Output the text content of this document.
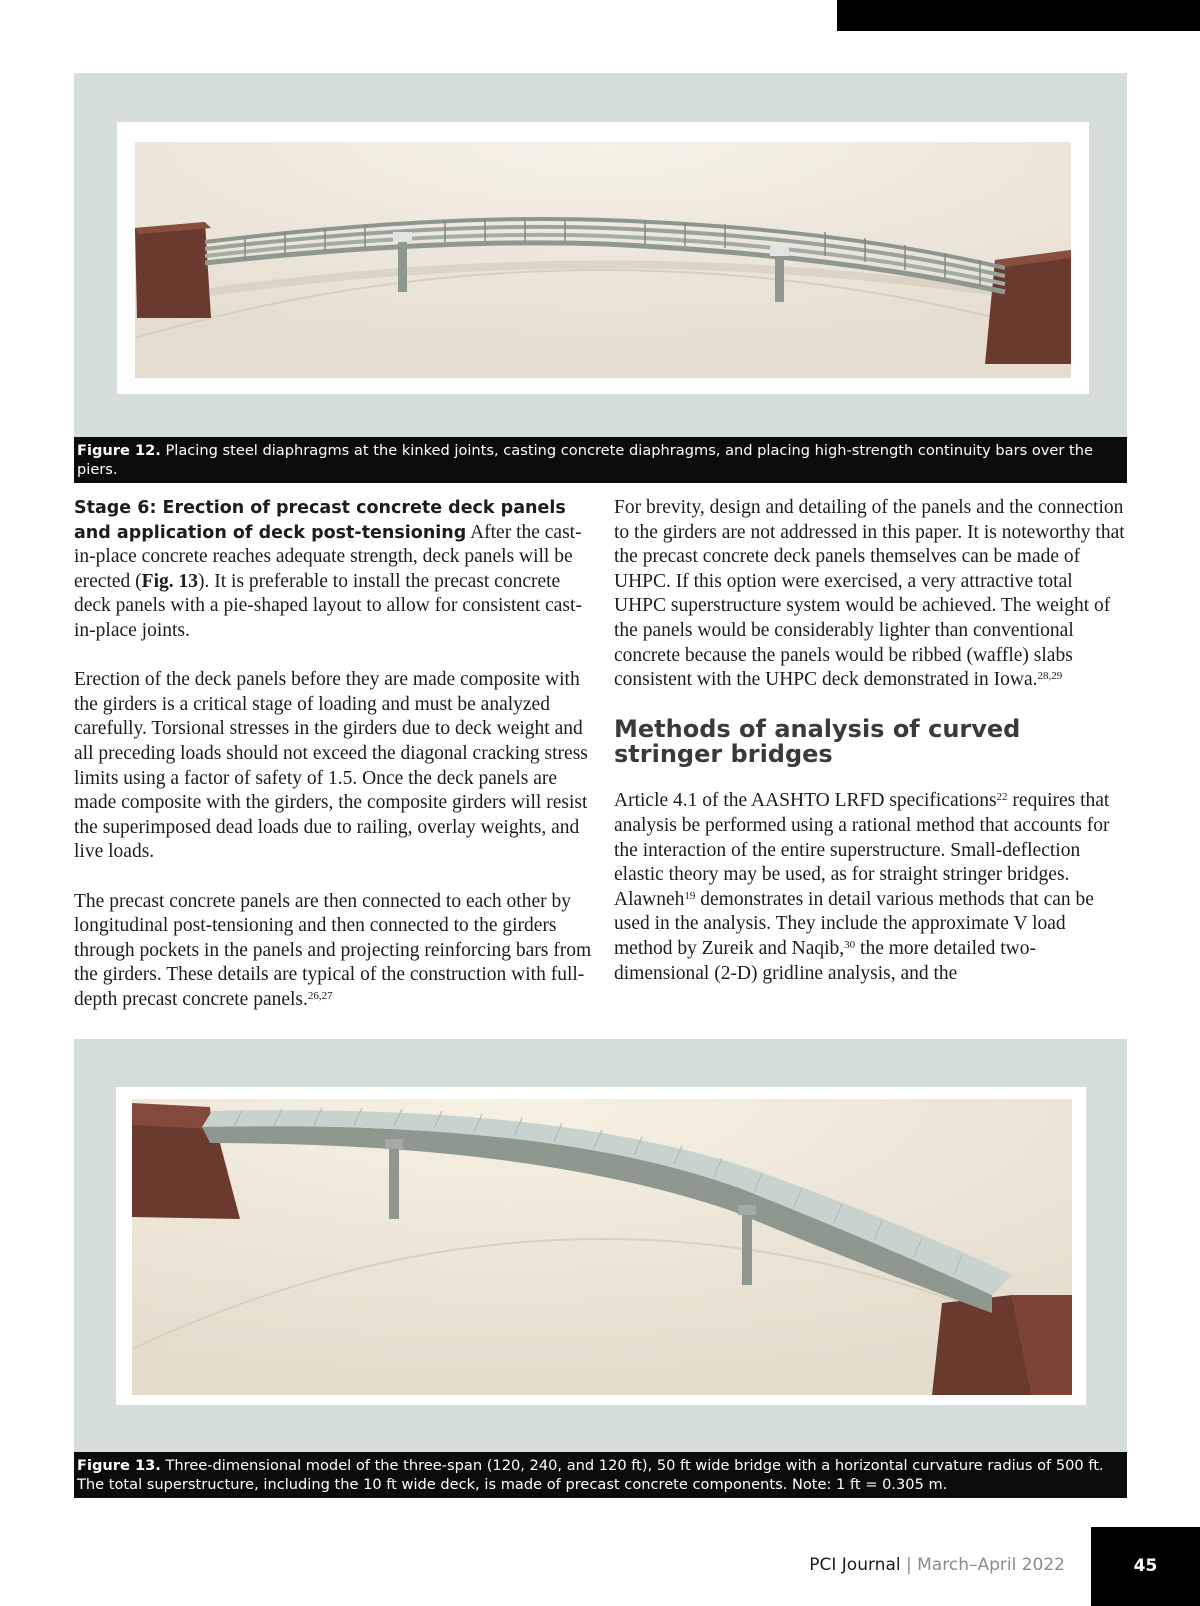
Figure 12. Placing steel diaphragms at the kinked joints, casting concrete diaphragms, and placing high-strength continuity bars over the piers.

Stage 6: Erection of precast concrete deck panels and application of deck post-tensioning After the cast-in-place concrete reaches adequate strength, deck panels will be erected (Fig. 13). It is preferable to install the precast concrete deck panels with a pie-shaped layout to allow for consistent cast-in-place joints.

Erection of the deck panels before they are made composite with the girders is a critical stage of loading and must be analyzed carefully. Torsional stresses in the girders due to deck weight and all preceding loads should not exceed the diagonal cracking stress limits using a factor of safety of 1.5. Once the deck panels are made composite with the girders, the composite girders will resist the superimposed dead loads due to railing, overlay weights, and live loads.

The precast concrete panels are then connected to each other by longitudinal post-tensioning and then connected to the girders through pockets in the panels and projecting reinforcing bars from the girders. These details are typical of the construction with full-depth precast concrete panels.$^{26,27}$

For brevity, design and detailing of the panels and the connection to the girders are not addressed in this paper. It is noteworthy that the precast concrete deck panels themselves can be made of UHPC. If this option were exercised, a very attractive total UHPC superstructure system would be achieved. The weight of the panels would be considerably lighter than conventional concrete because the panels would be ribbed (waffle) slabs consistent with the UHPC deck demonstrated in Iowa.$^{28,29}$

Methods of analysis of curved stringer bridges

Article 4.1 of the AASHTO LRFD specifications$^{22}$ requires that analysis be performed using a rational method that accounts for the interaction of the entire superstructure. Small-deflection elastic theory may be used, as for straight stringer bridges. Alawneh$^{19}$ demonstrates in detail various methods that can be used in the analysis. They include the approximate V load method by Zureik and Naqib,$^{30}$ the more detailed two-dimensional (2-D) gridline analysis, and the

Figure 13. Three-dimensional model of the three-span (120, 240, and 120 ft), 50 ft wide bridge with a horizontal curvature radius of 500 ft. The total superstructure, including the 10 ft wide deck, is made of precast concrete components. Note: 1 ft = 0.305 m.
PCI Journal | March–April 2022	45
